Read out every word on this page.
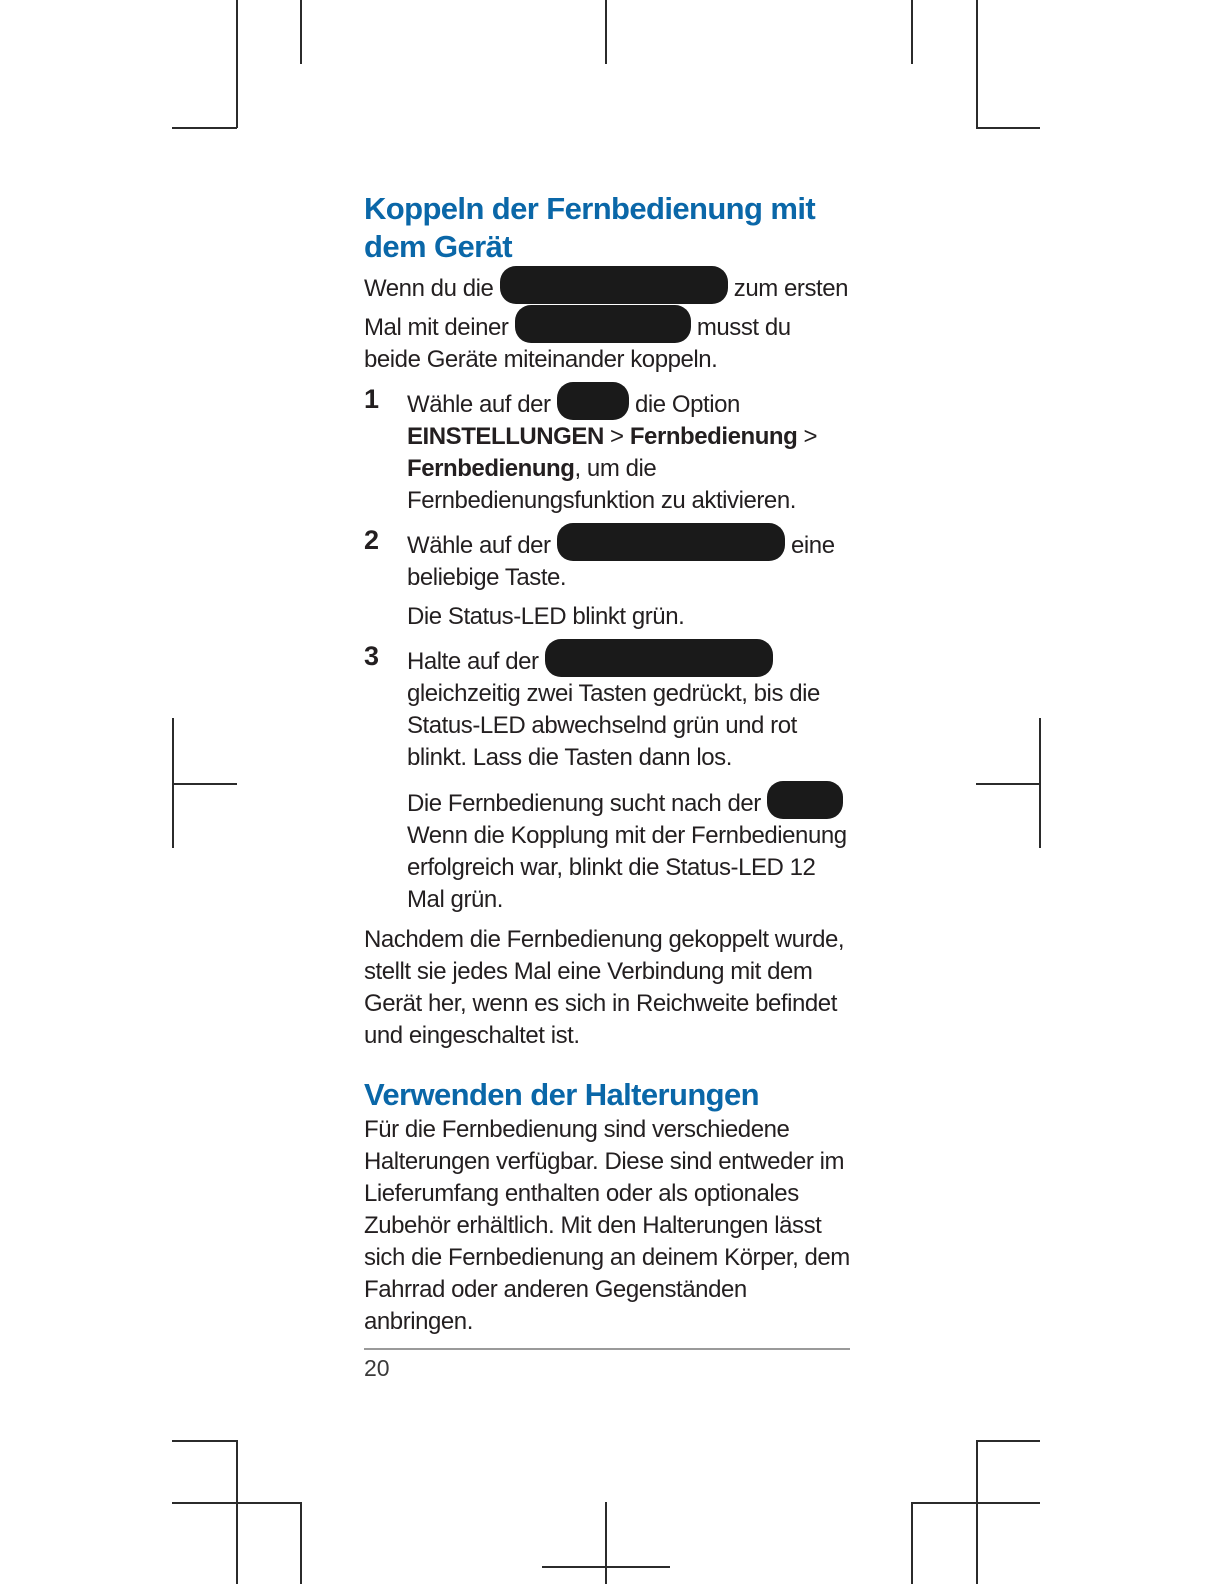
Koppeln der Fernbedienung mit dem Gerät

Wenn du die	zum ersten Mal mit deiner	musst du beide Geräte miteinander koppeln.

1 Wähle auf der	die Option EINSTELLUNGEN > Fernbedienung > Fernbedienung, um die Fernbedienungsfunktion zu aktivieren.
2 Wähle auf der	eine beliebige Taste.
Die Status-LED blinkt grün.
3 Halte auf der  gleichzeitig zwei Tasten gedrückt, bis die Status-LED abwechselnd grün und rot blinkt. Lass die Tasten dann los.
Die Fernbedienung sucht nach der  Wenn die Kopplung mit der Fernbedienung erfolgreich war, blinkt die Status-LED 12 Mal grün.

Nachdem die Fernbedienung gekoppelt wurde, stellt sie jedes Mal eine Verbindung mit dem Gerät her, wenn es sich in Reichweite befindet und eingeschaltet ist.

Verwenden der Halterungen

Für die Fernbedienung sind verschiedene Halterungen verfügbar. Diese sind entweder im Lieferumfang enthalten oder als optionales Zubehör erhältlich. Mit den Halterungen lässt sich die Fernbedienung an deinem Körper, dem Fahrrad oder anderen Gegenständen anbringen.

20
